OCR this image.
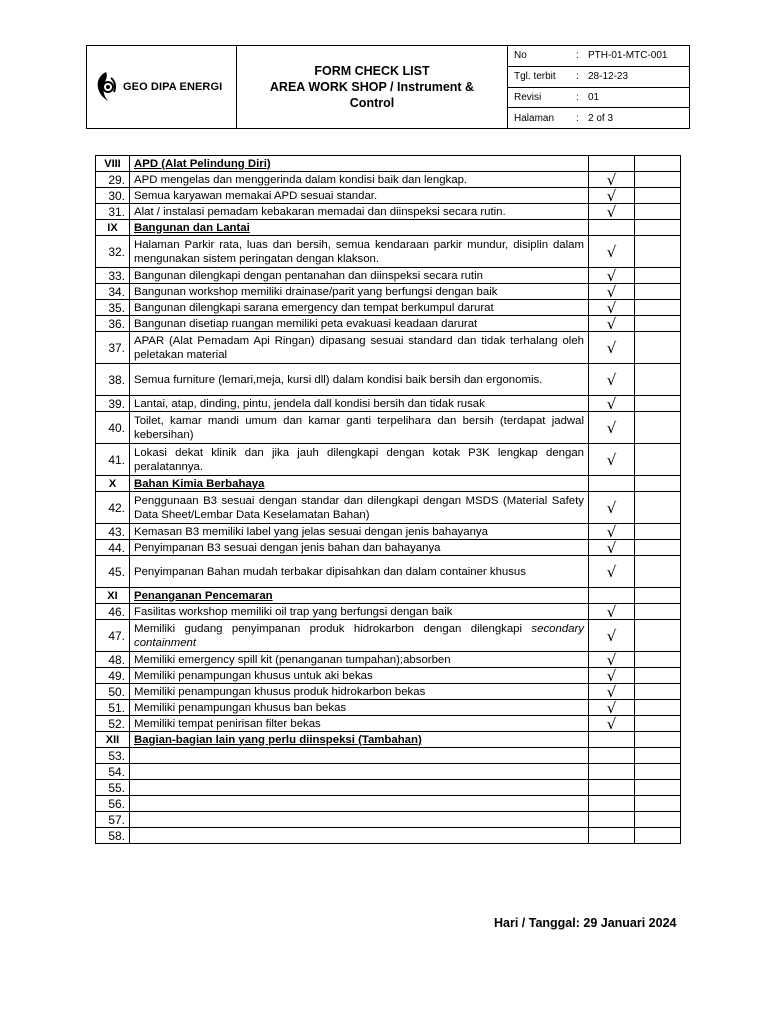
GEO DIPA ENERGI
FORM CHECK LIST
AREA WORK SHOP / Instrument &
Control
No	: PTH-01-MTC-001
Tgl. terbit	: 28-12-23
Revisi	: 01
Halaman	: 2 of 3
VIII	APD (Alat Pelindung Diri)		
29.	APD mengelas dan menggerinda dalam kondisi baik dan lengkap.	√	
30.	Semua karyawan memakai APD sesuai standar.	√	
31.	Alat / instalasi pemadam kebakaran memadai dan diinspeksi secara rutin.	√	
IX	Bangunan dan Lantai		
32.	Halaman Parkir rata, luas dan bersih, semua kendaraan parkir mundur, disiplin dalam mengunakan sistem peringatan dengan klakson.	√	
33.	Bangunan dilengkapi dengan pentanahan dan diinspeksi secara rutin	√	
34.	Bangunan workshop memiliki drainase/parit yang berfungsi dengan baik	√	
35.	Bangunan dilengkapi sarana emergency dan tempat berkumpul darurat	√	
36.	Bangunan disetiap ruangan memiliki peta evakuasi keadaan darurat	√	
37.	APAR (Alat Pemadam Api Ringan) dipasang sesuai standard dan tidak terhalang oleh peletakan material	√	
38.	Semua furniture (lemari,meja, kursi dll) dalam kondisi baik bersih dan ergonomis.	√	
39.	Lantai, atap, dinding, pintu, jendela dall kondisi bersih dan tidak rusak	√	
40.	Toilet, kamar mandi umum dan kamar ganti terpelihara dan bersih (terdapat jadwal kebersihan)	√	
41.	Lokasi dekat klinik dan jika jauh dilengkapi dengan kotak P3K lengkap dengan peralatannya.	√	
X	Bahan Kimia Berbahaya		
42.	Penggunaan B3 sesuai dengan standar dan dilengkapi dengan MSDS (Material Safety Data Sheet/Lembar Data Keselamatan Bahan)	√	
43.	Kemasan B3 memiliki label yang jelas sesuai dengan jenis bahayanya	√	
44.	Penyimpanan B3 sesuai dengan jenis bahan dan bahayanya	√	
45.	Penyimpanan Bahan mudah terbakar dipisahkan dan dalam container khusus	√	
XI	Penanganan Pencemaran		
46.	Fasilitas workshop memiliki oil trap yang berfungsi dengan baik	√	
47.	Memiliki gudang penyimpanan produk hidrokarbon dengan dilengkapi secondary containment	√	
48.	Memiliki emergency spill kit (penanganan tumpahan);absorben	√	
49.	Memiliki penampungan khusus untuk aki bekas	√	
50.	Memiliki penampungan khusus produk hidrokarbon bekas	√	
51.	Memiliki penampungan khusus ban bekas	√	
52.	Memiliki tempat penirisan filter bekas	√	
XII	Bagian-bagian lain yang perlu diinspeksi (Tambahan)		
53.			
54.			
55.			
56.			
57.			
58.			
Hari / Tanggal: 29 Januari 2024
